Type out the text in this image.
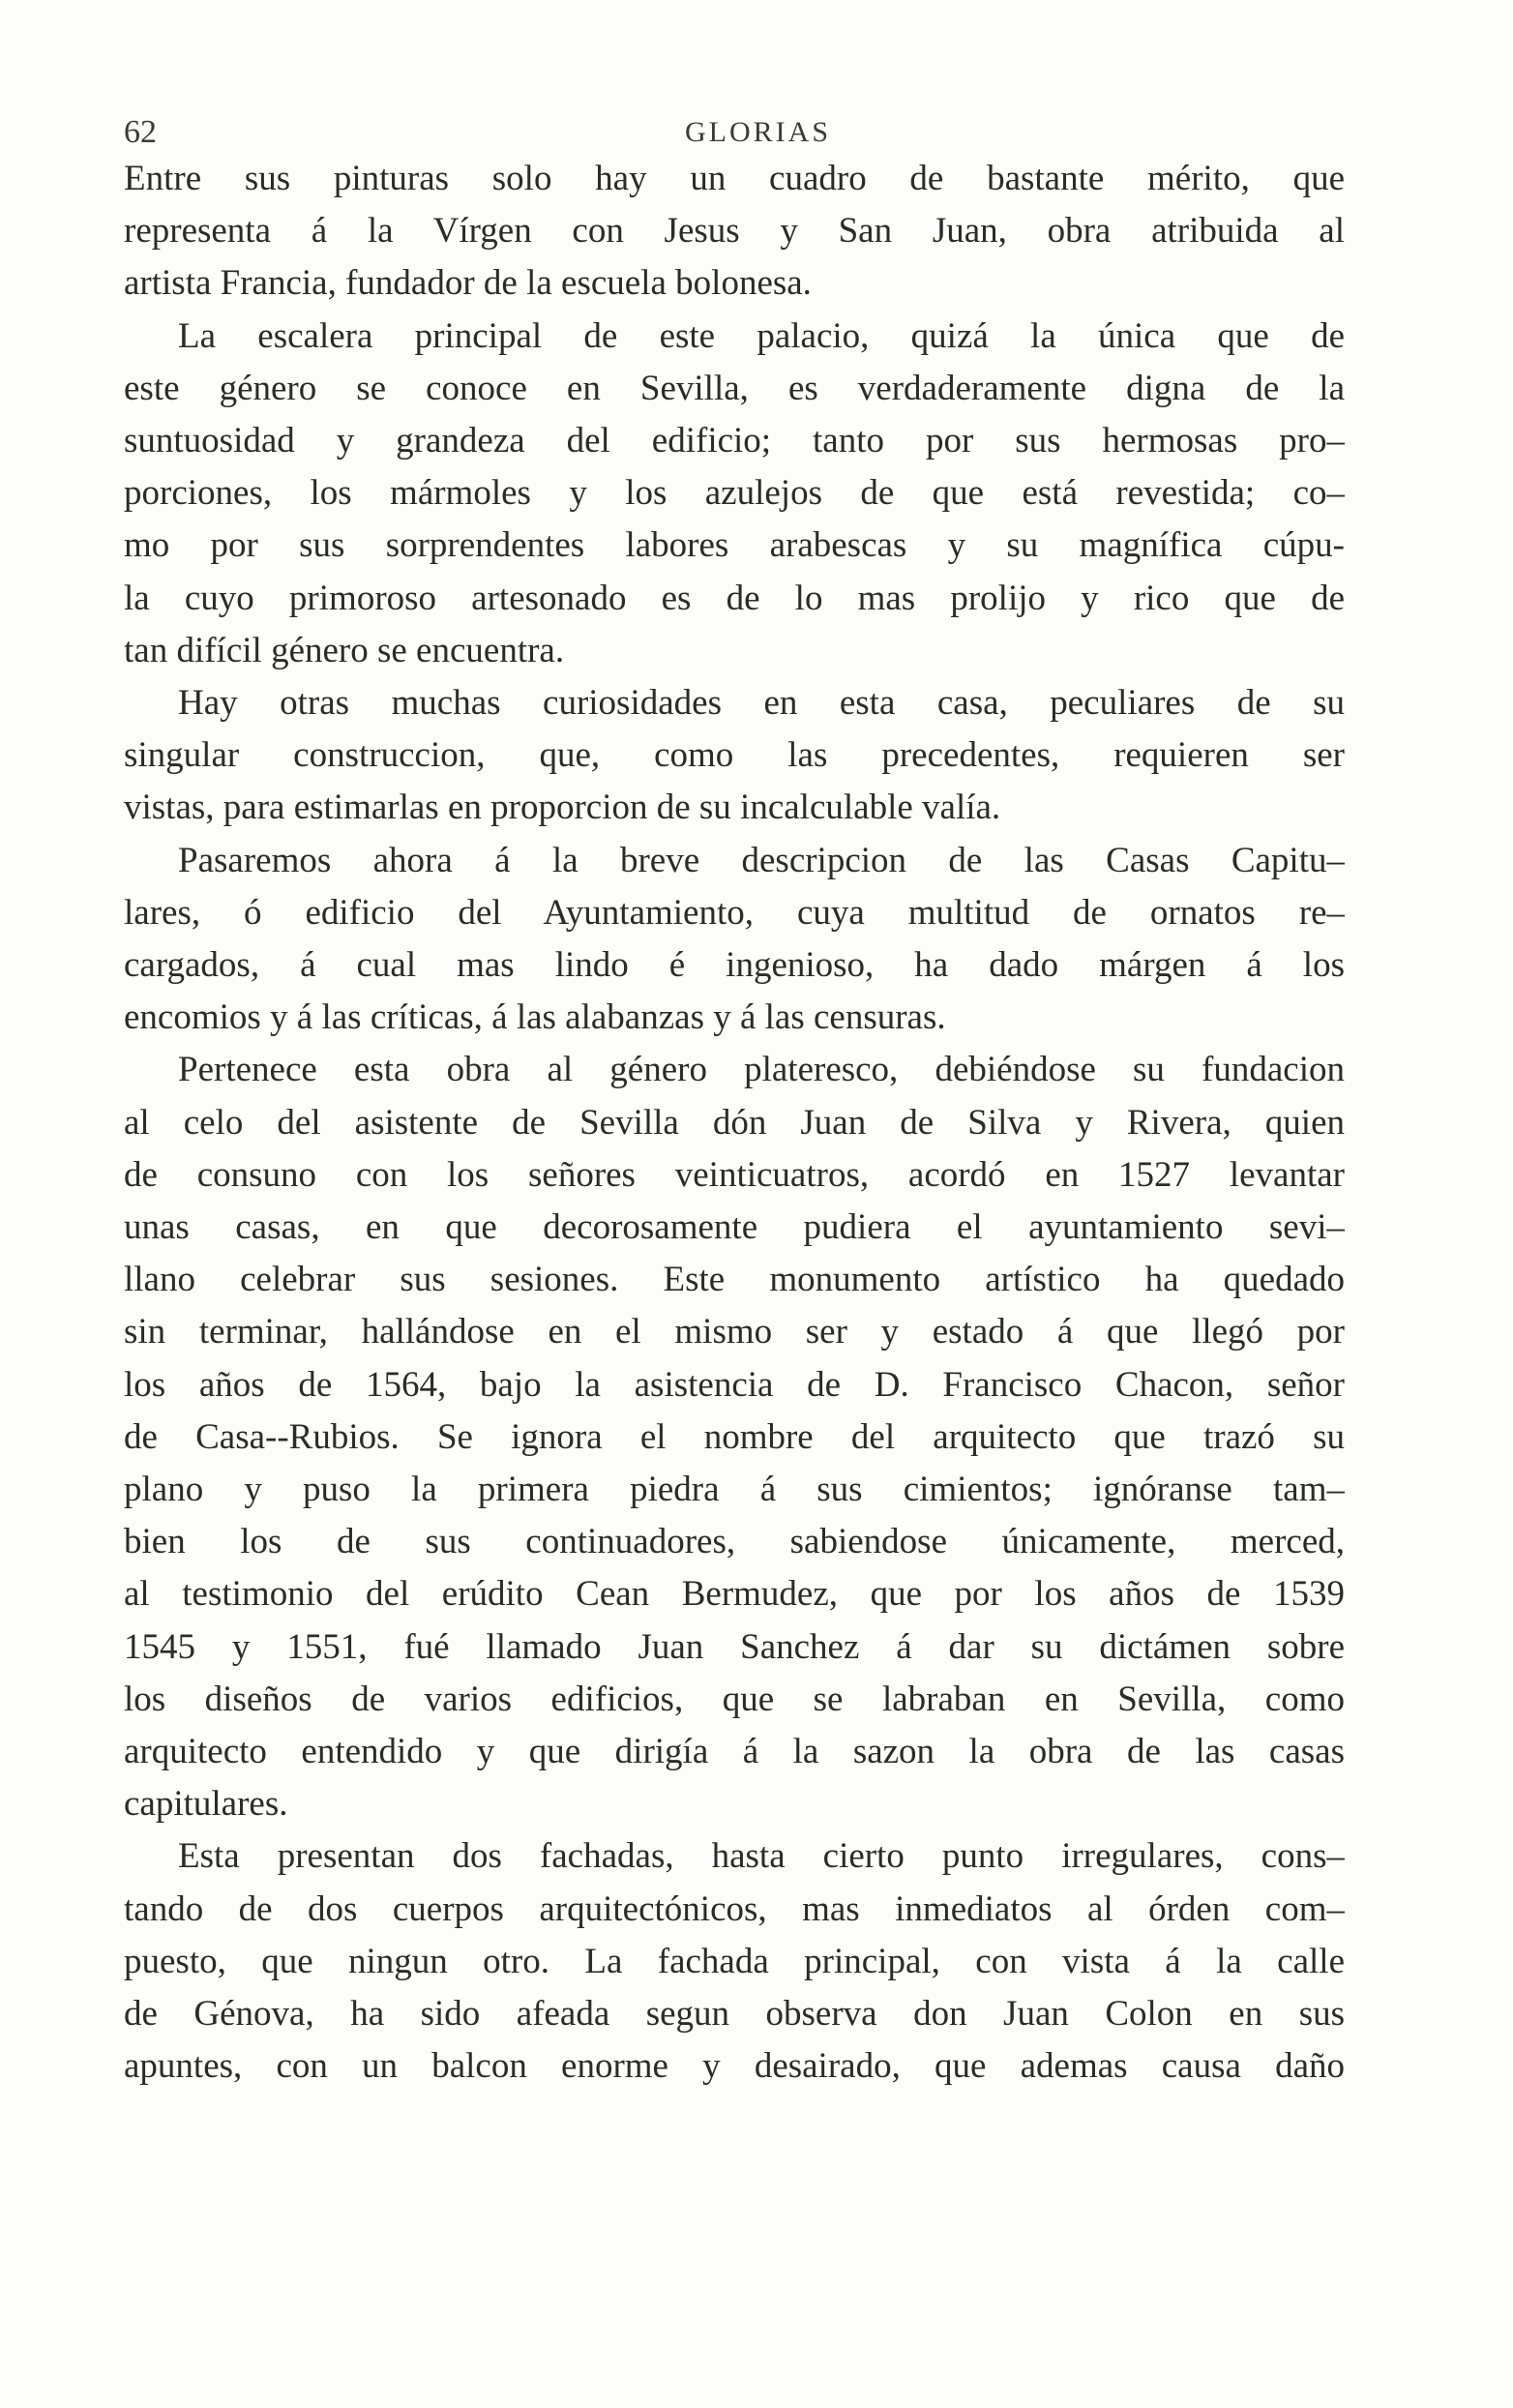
62	GLORIAS
Entre sus pinturas solo hay un cuadro de bastante mérito, que
representa á la Vírgen con Jesus y San Juan, obra atribuida al
artista Francia, fundador de la escuela bolonesa.
La escalera principal de este palacio, quizá la única que de
este género se conoce en Sevilla, es verdaderamente digna de la
suntuosidad y grandeza del edificio; tanto por sus hermosas pro–
porciones, los mármoles y los azulejos de que está revestida; co–
mo por sus sorprendentes labores arabescas y su magnífica cúpu-
la cuyo primoroso artesonado es de lo mas prolijo y rico que de
tan difícil género se encuentra.
Hay otras muchas curiosidades en esta casa, peculiares de su
singular construccion, que, como las precedentes, requieren ser
vistas, para estimarlas en proporcion de su incalculable valía.
Pasaremos ahora á la breve descripcion de las Casas Capitu–
lares, ó edificio del Ayuntamiento, cuya multitud de ornatos re–
cargados, á cual mas lindo é ingenioso, ha dado márgen á los
encomios y á las críticas, á las alabanzas y á las censuras.
Pertenece esta obra al género plateresco, debiéndose su fundacion
al celo del asistente de Sevilla dón Juan de Silva y Rivera, quien
de consuno con los señores veinticuatros, acordó en 1527 levantar
unas casas, en que decorosamente pudiera el ayuntamiento sevi–
llano celebrar sus sesiones. Este monumento artístico ha quedado
sin terminar, hallándose en el mismo ser y estado á que llegó por
los años de 1564, bajo la asistencia de D. Francisco Chacon, señor
de Casa--Rubios. Se ignora el nombre del arquitecto que trazó su
plano y puso la primera piedra á sus cimientos; ignóranse tam–
bien los de sus continuadores, sabiendose únicamente, merced,
al testimonio del erúdito Cean Bermudez, que por los años de 1539
1545 y 1551, fué llamado Juan Sanchez á dar su dictámen sobre
los diseños de varios edificios, que se labraban en Sevilla, como
arquitecto entendido y que dirigía á la sazon la obra de las casas
capitulares.
Esta presentan dos fachadas, hasta cierto punto irregulares, cons–
tando de dos cuerpos arquitectónicos, mas inmediatos al órden com–
puesto, que ningun otro. La fachada principal, con vista á la calle
de Génova, ha sido afeada segun observa don Juan Colon en sus
apuntes, con un balcon enorme y desairado, que ademas causa daño
